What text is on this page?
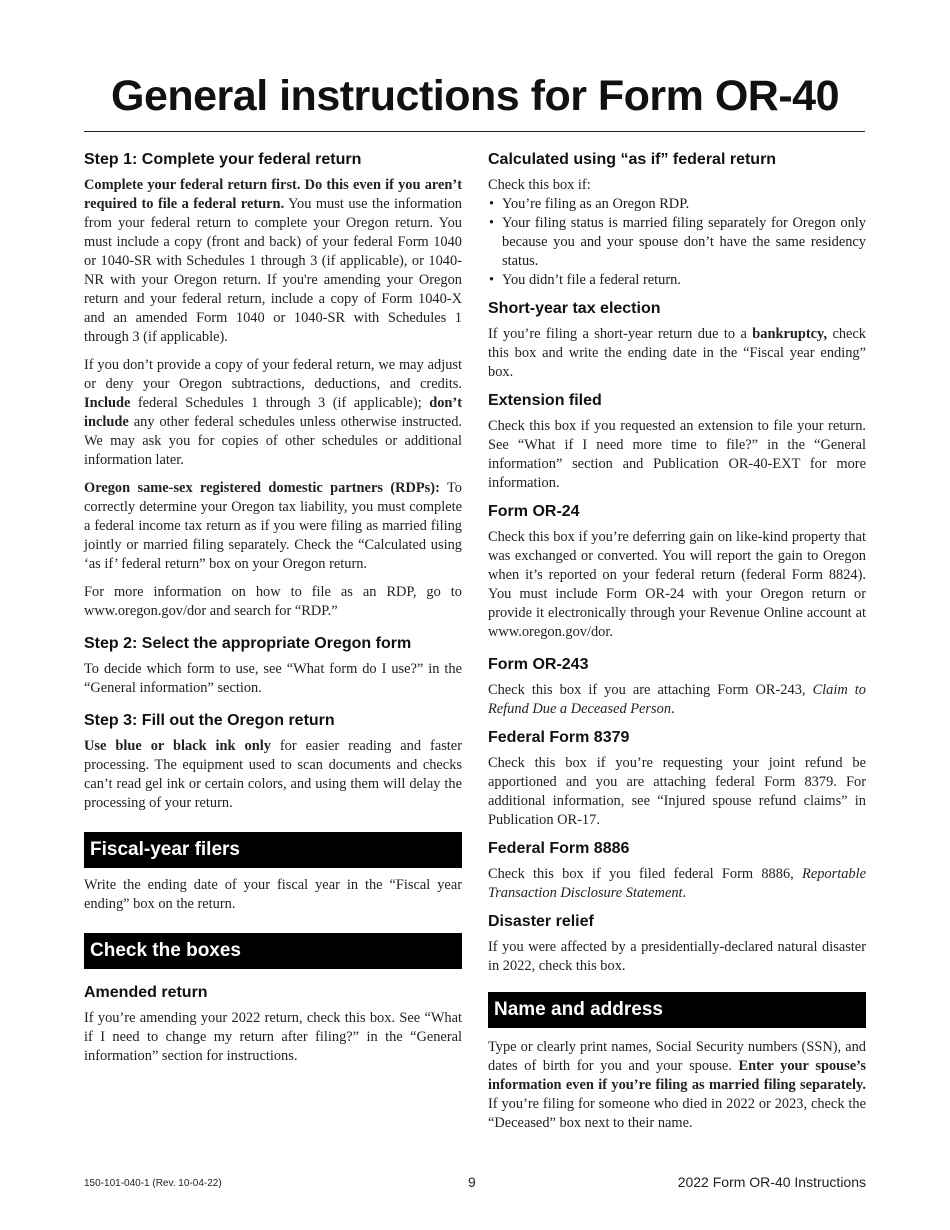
General instructions for Form OR-40
Step 1: Complete your federal return

Complete your federal return first. Do this even if you aren’t required to file a federal return. You must use the information from your federal return to complete your Oregon return. You must include a copy (front and back) of your federal Form 1040 or 1040-SR with Schedules 1 through 3 (if applicable), or 1040-NR with your Oregon return. If you're amending your Oregon return and your federal return, include a copy of Form 1040-X and an amended Form 1040 or 1040-SR with Schedules 1 through 3 (if applicable).

If you don’t provide a copy of your federal return, we may adjust or deny your Oregon subtractions, deductions, and credits. Include federal Schedules 1 through 3 (if applicable); don’t include any other federal schedules unless otherwise instructed. We may ask you for copies of other schedules or additional information later.

Oregon same-sex registered domestic partners (RDPs): To correctly determine your Oregon tax liability, you must complete a federal income tax return as if you were filing as married filing jointly or married filing separately. Check the “Calculated using ‘as if’ federal return” box on your Oregon return.

For more information on how to file as an RDP, go to www.oregon.gov/dor and search for “RDP.”

Step 2: Select the appropriate Oregon form

To decide which form to use, see “What form do I use?” in the “General information” section.

Step 3: Fill out the Oregon return

Use blue or black ink only for easier reading and faster processing. The equipment used to scan documents and checks can’t read gel ink or certain colors, and using them will delay the processing of your return.

Fiscal-year filers

Write the ending date of your fiscal year in the “Fiscal year ending” box on the return.

Check the boxes
Amended return

If you’re amending your 2022 return, check this box. See “What if I need to change my return after filing?” in the “General information” section for instructions.

Calculated using “as if” federal return

Check this box if:

• You’re filing as an Oregon RDP.
• Your filing status is married filing separately for Oregon only because you and your spouse don’t have the same residency status.
• You didn’t file a federal return.
Short-year tax election

If you’re filing a short-year return due to a bankruptcy, check this box and write the ending date in the “Fiscal year ending” box.

Extension filed

Check this box if you requested an extension to file your return. See “What if I need more time to file?” in the “General information” section and Publication OR-40-EXT for more information.

Form OR-24

Check this box if you’re deferring gain on like-kind property that was exchanged or converted. You will report the gain to Oregon when it’s reported on your federal return (federal Form 8824). You must include Form OR-24 with your Oregon return or provide it electronically through your Revenue Online account at www.oregon.gov/dor.

Form OR-243

Check this box if you are attaching Form OR-243, Claim to Refund Due a Deceased Person.

Federal Form 8379

Check this box if you’re requesting your joint refund be apportioned and you are attaching federal Form 8379. For additional information, see “Injured spouse refund claims” in Publication OR-17.

Federal Form 8886

Check this box if you filed federal Form 8886, Reportable Transaction Disclosure Statement.

Disaster relief

If you were affected by a presidentially-declared natural disaster in 2022, check this box.

Name and address

Type or clearly print names, Social Security numbers (SSN), and dates of birth for you and your spouse. Enter your spouse’s information even if you’re filing as married filing separately. If you’re filing for someone who died in 2022 or 2023, check the “Deceased” box next to their name.

150-101-040-1 (Rev. 10-04-22)	9	2022 Form OR-40 Instructions
